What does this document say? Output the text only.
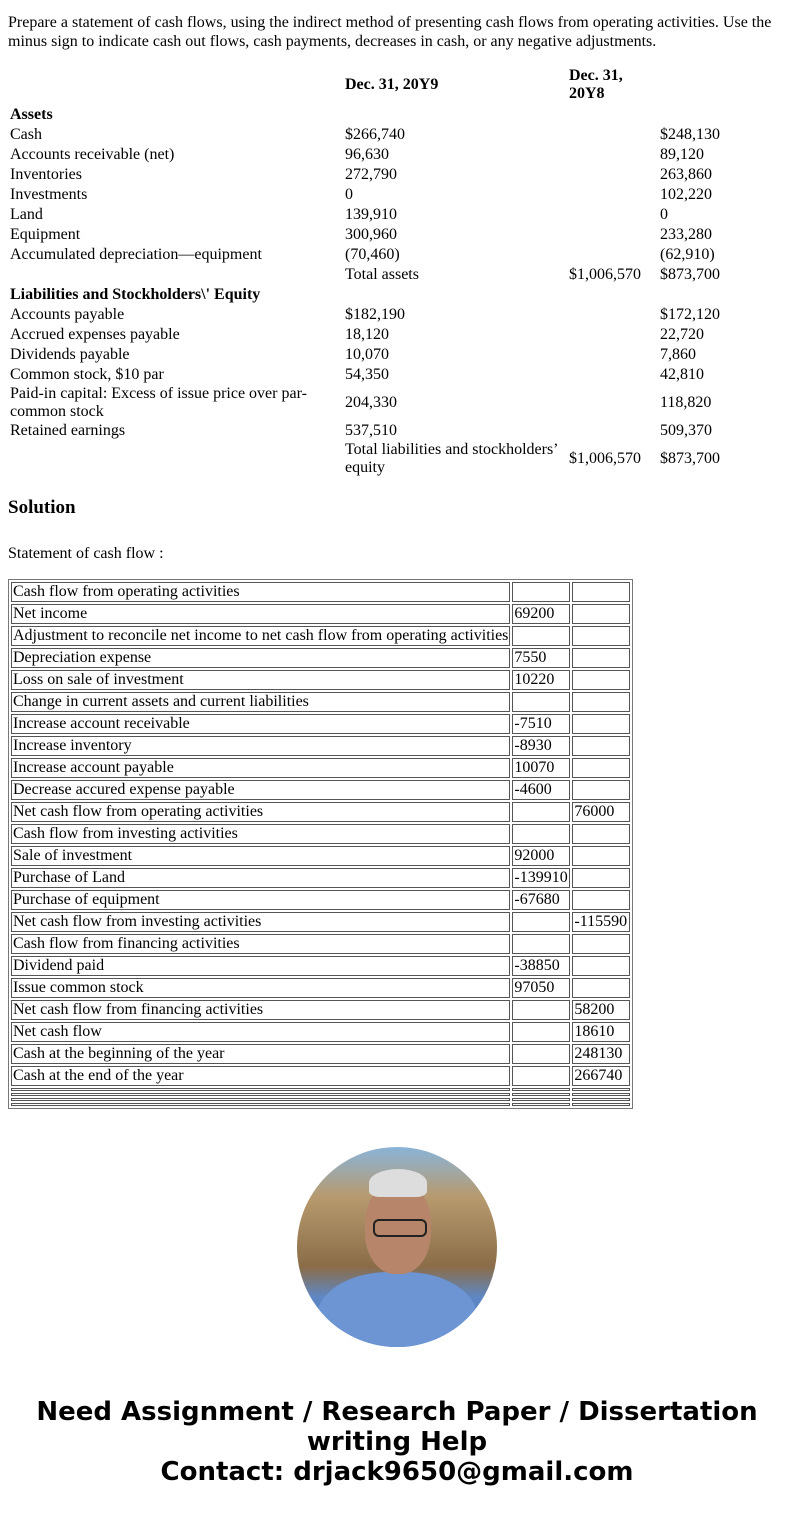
Prepare a statement of cash flows, using the indirect method of presenting cash flows from operating activities. Use the minus sign to indicate cash out flows, cash payments, decreases in cash, or any negative adjustments.

	Dec. 31, 20Y9	Dec. 31, 20Y8	
Assets			
Cash	$266,740		$248,130
Accounts receivable (net)	96,630		89,120
Inventories	272,790		263,860
Investments	0		102,220
Land	139,910		0
Equipment	300,960		233,280
Accumulated depreciation—equipment	(70,460)		(62,910)
	Total assets	$1,006,570	$873,700
Liabilities and Stockholders\' Equity			
Accounts payable	$182,190		$172,120
Accrued expenses payable	18,120		22,720
Dividends payable	10,070		7,860
Common stock, $10 par	54,350		42,810
Paid-in capital: Excess of issue price over par-common stock	204,330		118,820
Retained earnings	537,510		509,370
	Total liabilities and stockholders’ equity	$1,006,570	$873,700
Solution

Statement of cash flow :

Cash flow from operating activities		
Net income	69200	
Adjustment to reconcile net income to net cash flow from operating activities		
Depreciation expense	7550	
Loss on sale of investment	10220	
Change in current assets and current liabilities		
Increase account receivable	-7510	
Increase inventory	-8930	
Increase account payable	10070	
Decrease accured expense payable	-4600	
Net cash flow from operating activities		76000
Cash flow from investing activities		
Sale of investment	92000	
Purchase of Land	-139910	
Purchase of equipment	-67680	
Net cash flow from investing activities		-115590
Cash flow from financing activities		
Dividend paid	-38850	
Issue common stock	97050	
Net cash flow from financing activities		58200
Net cash flow		18610
Cash at the beginning of the year		248130
Cash at the end of the year		266740

Need Assignment / Research Paper / Dissertation writing Help
Contact: drjack9650@gmail.com
